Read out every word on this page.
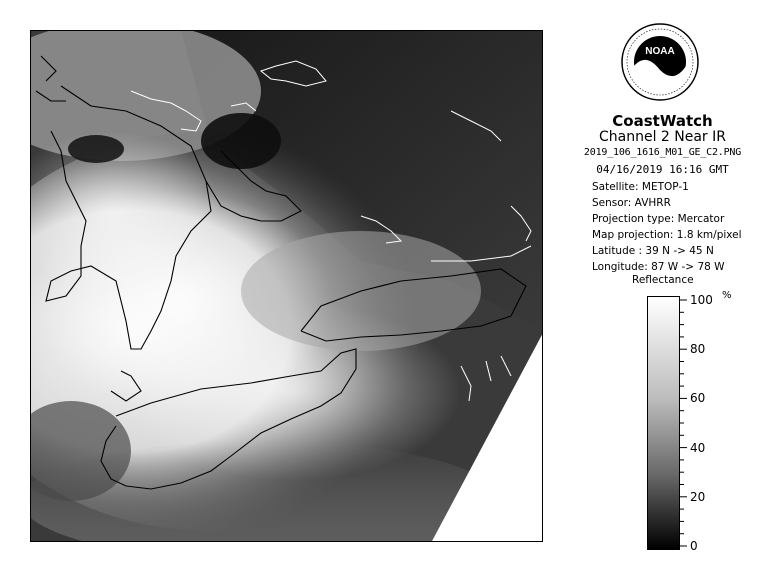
NOAA
CoastWatch
Channel 2 Near IR
2019_106_1616_M01_GE_C2.PNG
04/16/2019 16:16 GMT
Satellite: METOP-1
Sensor: AVHRR
Projection type: Mercator
Map projection: 1.8 km/pixel
Latitude : 39 N -> 45 N
Longitude: 87 W -> 78 W
Reflectance
%
100
80
60
40
20
0
